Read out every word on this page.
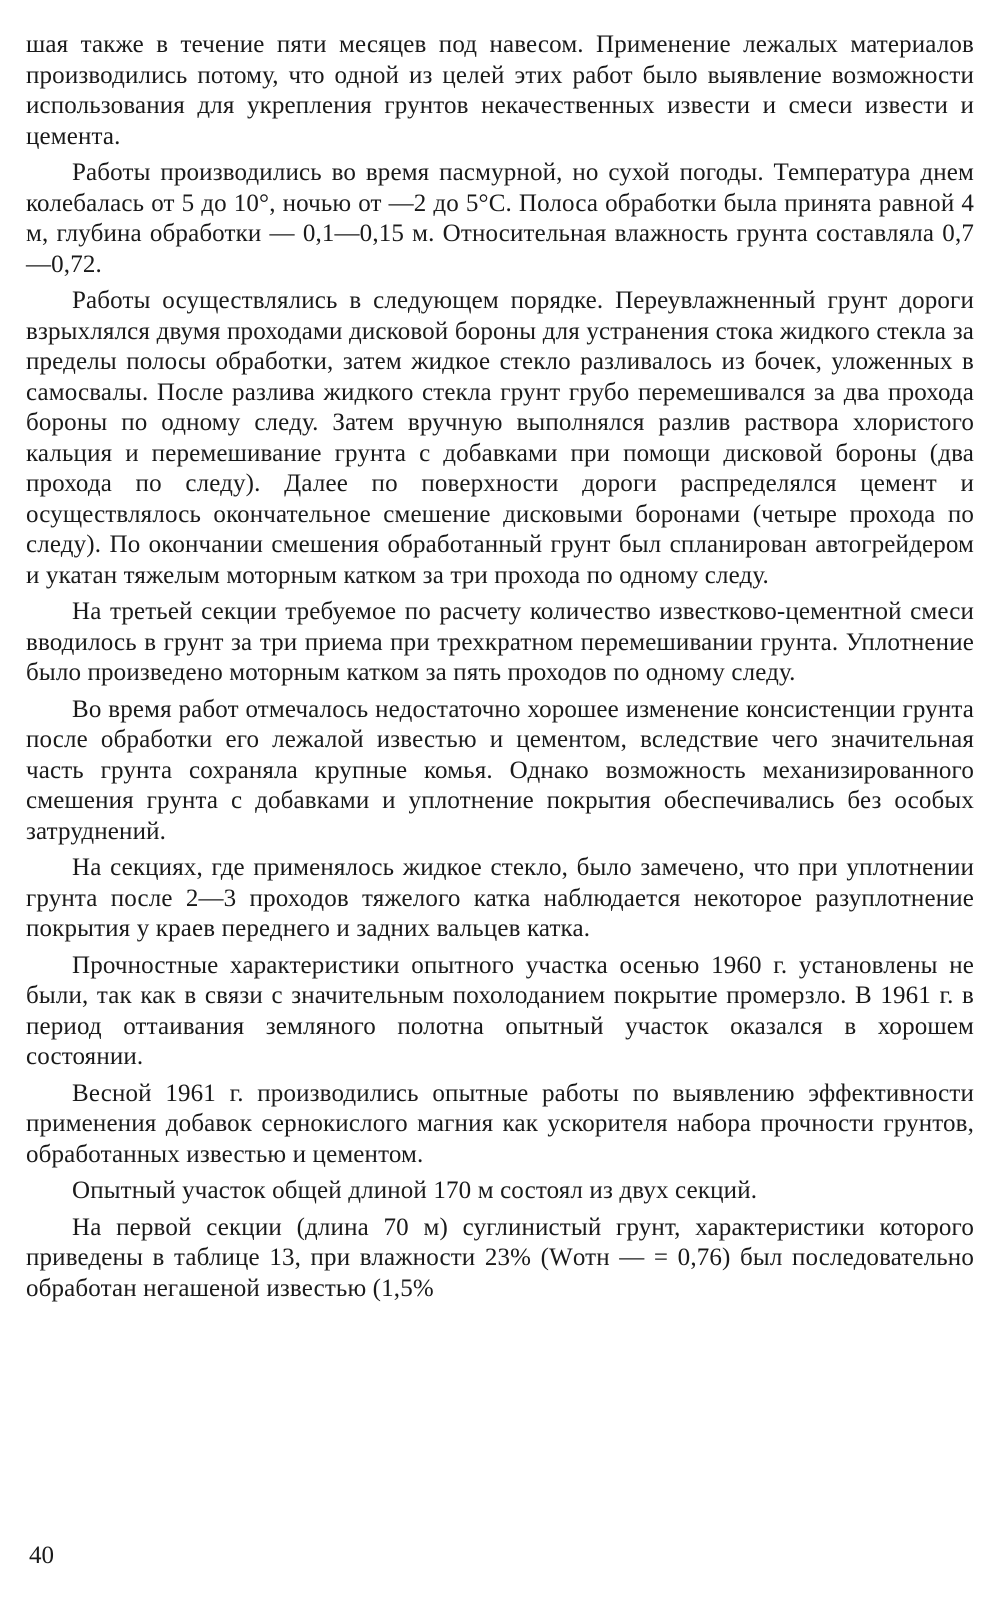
шая также в течение пяти месяцев под навесом. Применение лежалых материалов производились потому, что одной из целей этих работ было выявление возможности использования для укрепления грунтов некачественных извести и смеси извести и цемента.

Работы производились во время пасмурной, но сухой погоды. Температура днем колебалась от 5 до 10°, ночью от —2 до 5°С. Полоса обработки была принята равной 4 м, глубина обработки — 0,1—0,15 м. Относительная влажность грунта составляла 0,7—0,72.

Работы осуществлялись в следующем порядке. Переувлажненный грунт дороги взрыхлялся двумя проходами дисковой бороны для устранения стока жидкого стекла за пределы полосы обработки, затем жидкое стекло разливалось из бочек, уложенных в самосвалы. После разлива жидкого стекла грунт грубо перемешивался за два прохода бороны по одному следу. Затем вручную выполнялся разлив раствора хлористого кальция и перемешивание грунта с добавками при помощи дисковой бороны (два прохода по следу). Далее по поверхности дороги распределялся цемент и осуществлялось окончательное смешение дисковыми боронами (четыре прохода по следу). По окончании смешения обработанный грунт был спланирован автогрейдером и укатан тяжелым моторным катком за три прохода по одному следу.

На третьей секции требуемое по расчету количество известково-цементной смеси вводилось в грунт за три приема при трехкратном перемешивании грунта. Уплотнение было произведено моторным катком за пять проходов по одному следу.

Во время работ отмечалось недостаточно хорошее изменение консистенции грунта после обработки его лежалой известью и цементом, вследствие чего значительная часть грунта сохраняла крупные комья. Однако возможность механизированного смешения грунта с добавками и уплотнение покрытия обеспечивались без особых затруднений.

На секциях, где применялось жидкое стекло, было замечено, что при уплотнении грунта после 2—3 проходов тяжелого катка наблюдается некоторое разуплотнение покрытия у краев переднего и задних вальцев катка.

Прочностные характеристики опытного участка осенью 1960 г. установлены не были, так как в связи с значительным похолоданием покрытие промерзло. В 1961 г. в период оттаивания земляного полотна опытный участок оказался в хорошем состоянии.

Весной 1961 г. производились опытные работы по выявлению эффективности применения добавок сернокислого магния как ускорителя набора прочности грунтов, обработанных известью и цементом.

Опытный участок общей длиной 170 м состоял из двух секций.

На первой секции (длина 70 м) суглинистый грунт, характеристики которого приведены в таблице 13, при влажности 23% (Wотн — = 0,76) был последовательно обработан негашеной известью (1,5%

40
